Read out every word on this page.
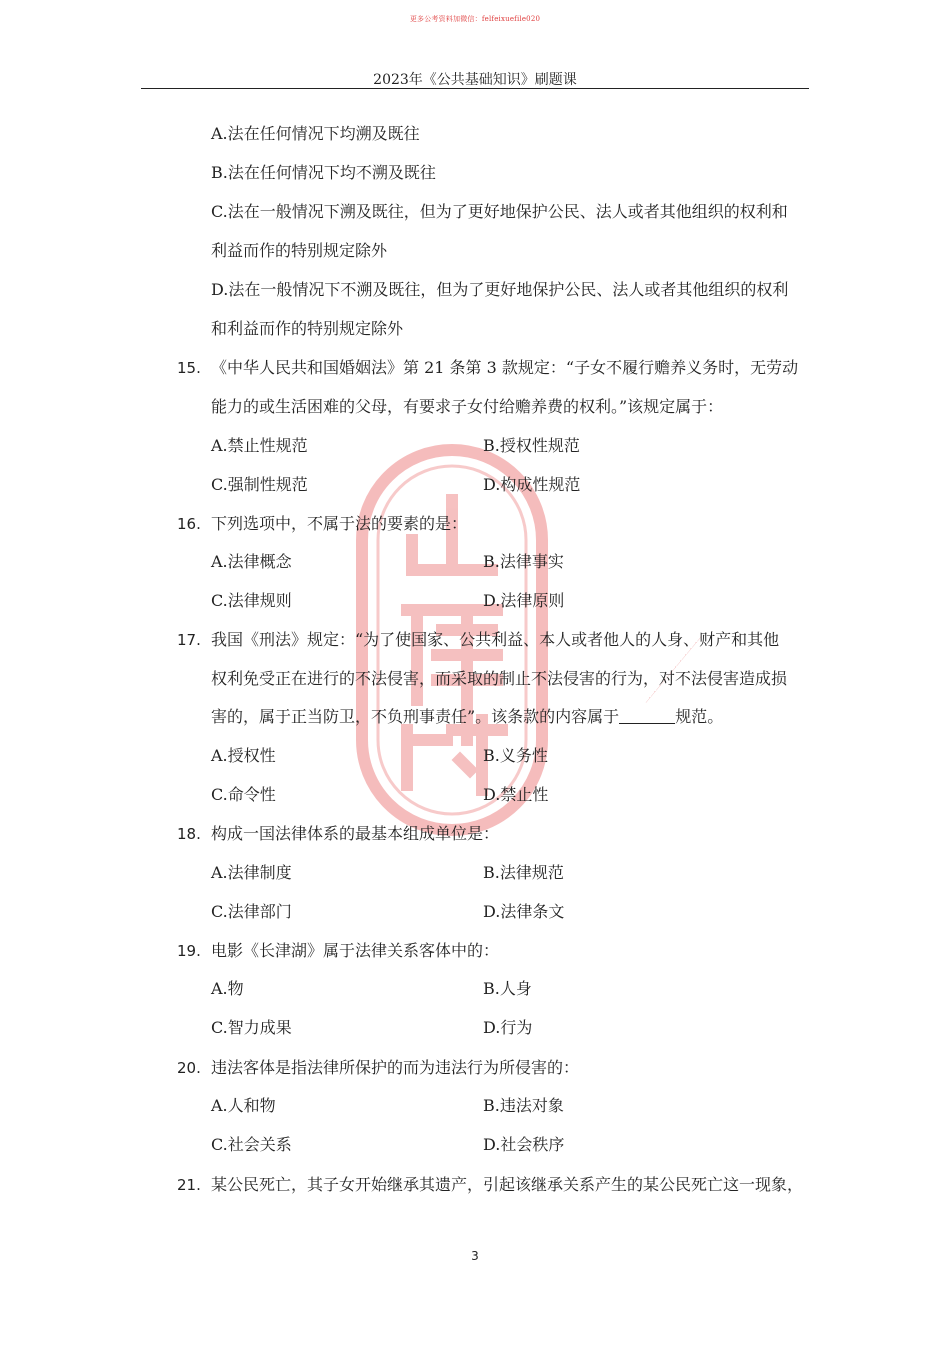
更多公考资料加微信：felfeixuefile020
2023年《公共基础知识》刷题课
一一一一一一一一一一一
A.法在任何情况下均溯及既往
B.法在任何情况下均不溯及既往
C.法在一般情况下溯及既往，但为了更好地保护公民、法人或者其他组织的权利和
利益而作的特别规定除外
D.法在一般情况下不溯及既往，但为了更好地保护公民、法人或者其他组织的权利
和利益而作的特别规定除外
15. 《中华人民共和国婚姻法》第 21 条第 3 款规定：“子女不履行赡养义务时，无劳动
能力的或生活困难的父母，有要求子女付给赡养费的权利。”该规定属于：
A.禁止性规范	B.授权性规范
C.强制性规范	D.构成性规范
16. 下列选项中，不属于法的要素的是：
A.法律概念	B.法律事实
C.法律规则	D.法律原则
17. 我国《刑法》规定：“为了使国家、公共利益、本人或者他人的人身、财产和其他
权利免受正在进行的不法侵害，而采取的制止不法侵害的行为，对不法侵害造成损
害的，属于正当防卫，不负刑事责任”。该条款的内容属于	规范。
A.授权性	B.义务性
C.命令性	D.禁止性
18. 构成一国法律体系的最基本组成单位是：
A.法律制度	B.法律规范
C.法律部门	D.法律条文
19. 电影《长津湖》属于法律关系客体中的：
A.物	B.人身
C.智力成果	D.行为
20. 违法客体是指法律所保护的而为违法行为所侵害的：
A.人和物	B.违法对象
C.社会关系	D.社会秩序
21. 某公民死亡，其子女开始继承其遗产，引起该继承关系产生的某公民死亡这一现象，
3
